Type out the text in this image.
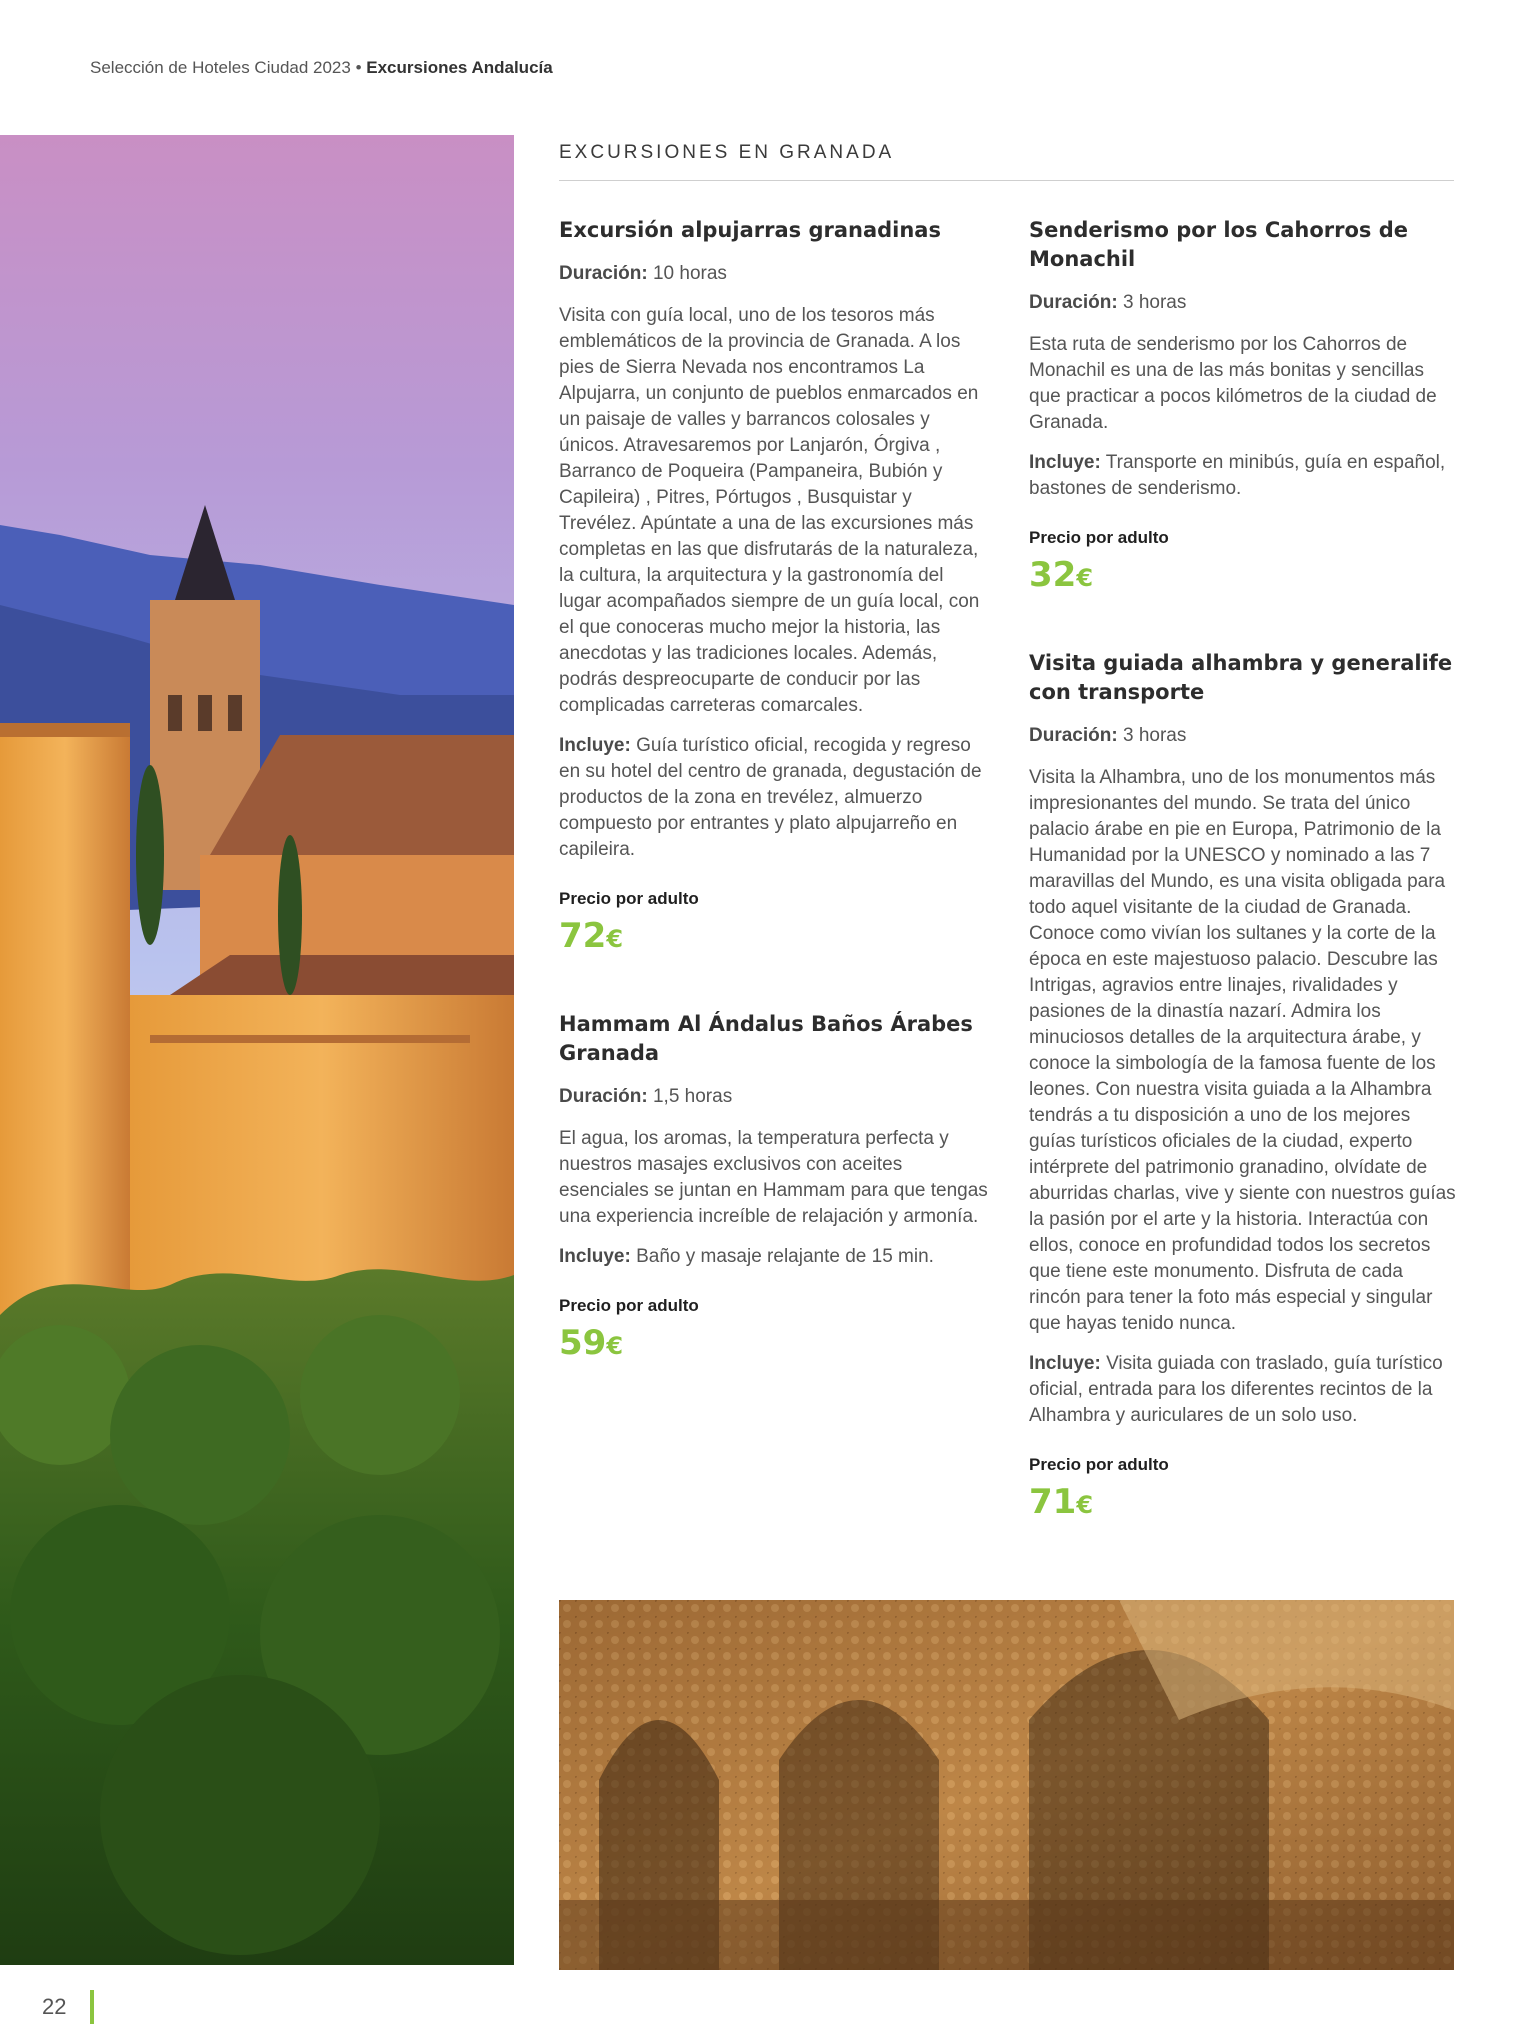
Selección de Hoteles Ciudad 2023 • Excursiones Andalucía
EXCURSIONES EN GRANADA
Excursión alpujarras granadinas
Duración: 10 horas

Visita con guía local, uno de los tesoros más emblemáticos de la provincia de Granada. A los pies de Sierra Nevada nos encontramos La Alpujarra, un conjunto de pueblos enmarcados en un paisaje de valles y barrancos colosales y únicos. Atravesaremos por Lanjarón, Órgiva , Barranco de Poqueira (Pampaneira, Bubión y Capileira) , Pitres, Pórtugos , Busquistar y Trevélez. Apúntate a una de las excursiones más completas en las que disfrutarás de la naturaleza, la cultura, la arquitectura y la gastronomía del lugar acompañados siempre de un guía local, con el que conoceras mucho mejor la historia, las anecdotas y las tradiciones locales. Además, podrás despreocuparte de conducir por las complicadas carreteras comarcales.

Incluye: Guía turístico oficial, recogida y regreso en su hotel del centro de granada, degustación de productos de la zona en trevélez, almuerzo compuesto por entrantes y plato alpujarreño en capileira.

Precio por adulto
72€
Hammam Al Ándalus Baños Árabes Granada
Duración: 1,5 horas

El agua, los aromas, la temperatura perfecta y nuestros masajes exclusivos con aceites esenciales se juntan en Hammam para que tengas una experiencia increíble de relajación y armonía.

Incluye: Baño y masaje relajante de 15 min.

Precio por adulto
59€
Senderismo por los Cahorros de Monachil
Duración: 3 horas

Esta ruta de senderismo por los Cahorros de Monachil es una de las más bonitas y sencillas que practicar a pocos kilómetros de la ciudad de Granada.

Incluye: Transporte en minibús, guía en español, bastones de senderismo.

Precio por adulto
32€
Visita guiada alhambra y generalife con transporte
Duración: 3 horas

Visita la Alhambra, uno de los monumentos más impresionantes del mundo. Se trata del único palacio árabe en pie en Europa, Patrimonio de la Humanidad por la UNESCO y nominado a las 7 maravillas del Mundo, es una visita obligada para todo aquel visitante de la ciudad de Granada. Conoce como vivían los sultanes y la corte de la época en este majestuoso palacio. Descubre las Intrigas, agravios entre linajes, rivalidades y pasiones de la dinastía nazarí. Admira los minuciosos detalles de la arquitectura árabe, y conoce la simbología de la famosa fuente de los leones. Con nuestra visita guiada a la Alhambra tendrás a tu disposición a uno de los mejores guías turísticos oficiales de la ciudad, experto intérprete del patrimonio granadino, olvídate de aburridas charlas, vive y siente con nuestros guías la pasión por el arte y la historia. Interactúa con ellos, conoce en profundidad todos los secretos que tiene este monumento. Disfruta de cada rincón para tener la foto más especial y singular que hayas tenido nunca.

Incluye: Visita guiada con traslado, guía turístico oficial, entrada para los diferentes recintos de la Alhambra y auriculares de un solo uso.

Precio por adulto
71€
22
